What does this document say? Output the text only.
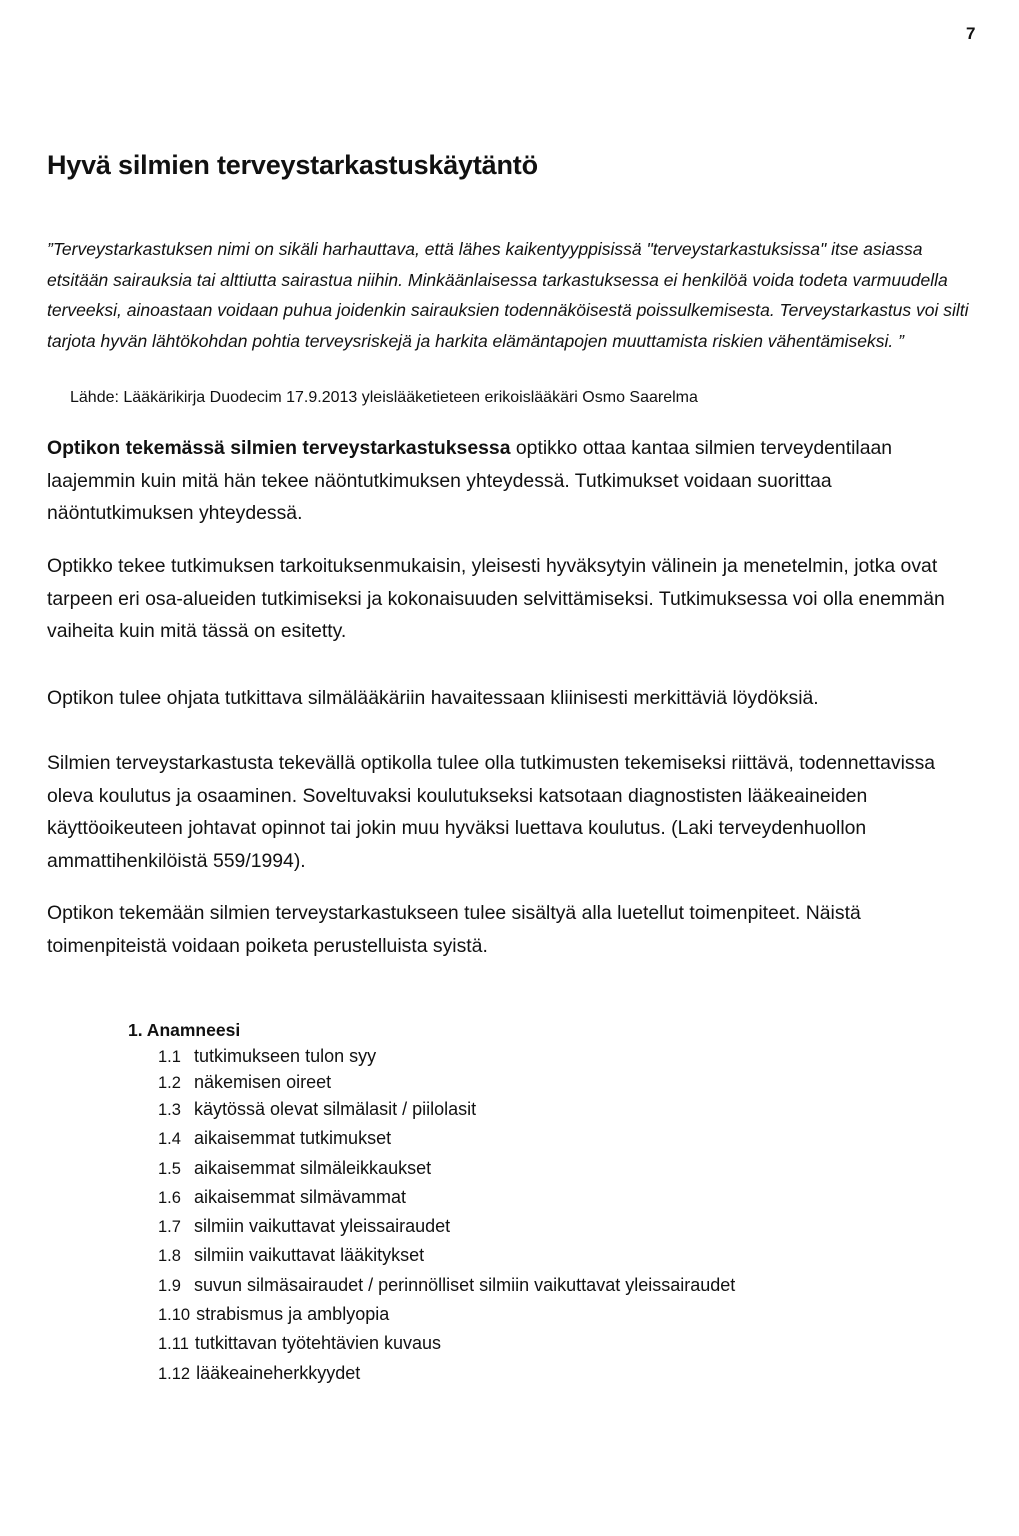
7
Hyvä silmien terveystarkastuskäytäntö

”Terveystarkastuksen nimi on sikäli harhauttava, että lähes kaikentyyppisissä "terveystarkastuksissa" itse asiassa etsitään sairauksia tai alttiutta sairastua niihin. Minkäänlaisessa tarkastuksessa ei henkilöä voida todeta varmuudella terveeksi, ainoastaan voidaan puhua joidenkin sairauksien todennäköisestä poissulkemisesta. Terveystarkastus voi silti tarjota hyvän lähtökohdan pohtia terveysriskejä ja harkita elämäntapojen muuttamista riskien vähentämiseksi. ”

Lähde: Lääkärikirja Duodecim 17.9.2013 yleislääketieteen erikoislääkäri Osmo Saarelma

Optikon tekemässä silmien terveystarkastuksessa optikko ottaa kantaa silmien terveydentilaan laajemmin kuin mitä hän tekee näöntutkimuksen yhteydessä. Tutkimukset voidaan suorittaa näöntutkimuksen yhteydessä.

Optikko tekee tutkimuksen tarkoituksenmukaisin, yleisesti hyväksytyin välinein ja menetelmin, jotka ovat tarpeen eri osa-alueiden tutkimiseksi ja kokonaisuuden selvittämiseksi. Tutkimuksessa voi olla enemmän vaiheita kuin mitä tässä on esitetty.

Optikon tulee ohjata tutkittava silmälääkäriin havaitessaan kliinisesti merkittäviä löydöksiä.

Silmien terveystarkastusta tekevällä optikolla tulee olla tutkimusten tekemiseksi riittävä, todennettavissa oleva koulutus ja osaaminen. Soveltuvaksi koulutukseksi katsotaan diagnostisten lääkeaineiden käyttöoikeuteen johtavat opinnot tai jokin muu hyväksi luettava koulutus. (Laki terveydenhuollon ammattihenkilöistä 559/1994).

Optikon tekemään silmien terveystarkastukseen tulee sisältyä alla luetellut toimenpiteet. Näistä toimenpiteistä voidaan poiketa perustelluista syistä.

1. Anamneesi
1.1 tutkimukseen tulon syy
1.2 näkemisen oireet
1.3 käytössä olevat silmälasit / piilolasit
1.4 aikaisemmat tutkimukset
1.5 aikaisemmat silmäleikkaukset
1.6 aikaisemmat silmävammat
1.7 silmiin vaikuttavat yleissairaudet
1.8 silmiin vaikuttavat lääkitykset
1.9 suvun silmäsairaudet / perinnölliset silmiin vaikuttavat yleissairaudet
1.10 strabismus ja amblyopia
1.11 tutkittavan työtehtävien kuvaus
1.12 lääkeaineherkkyydet
